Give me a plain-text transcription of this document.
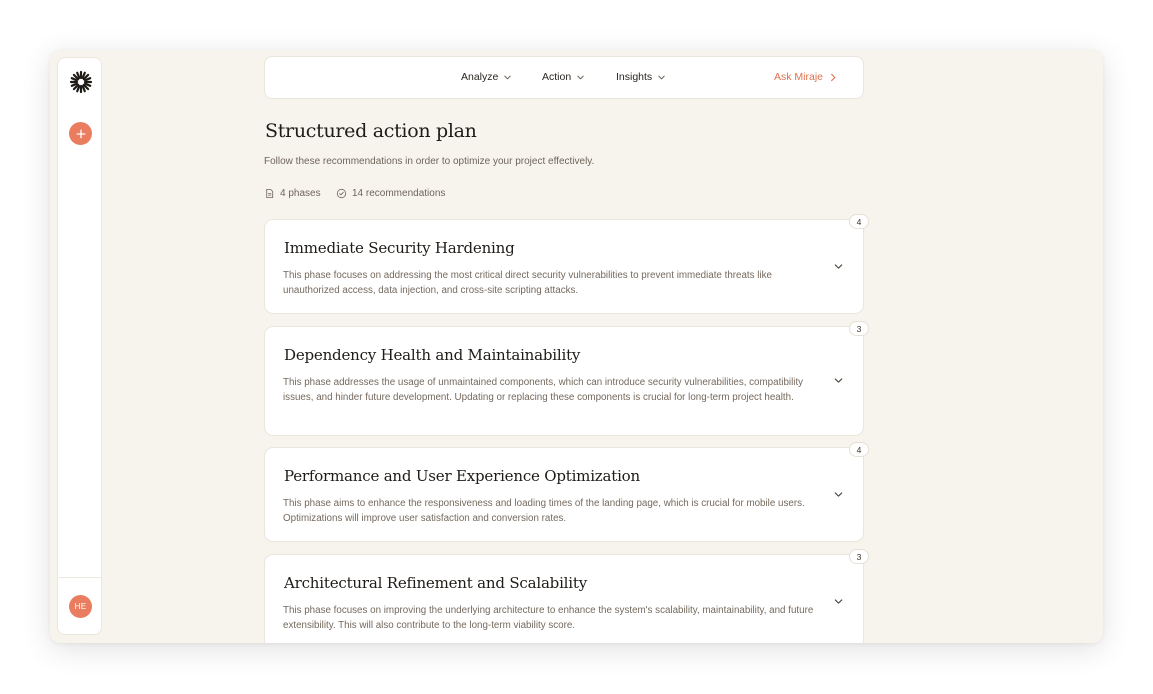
HE
Analyze	Action	Insights	Ask Miraje
Structured action plan
Follow these recommendations in order to optimize your project effectively.
4 phases	14 recommendations
Immediate Security Hardening
This phase focuses on addressing the most critical direct security vulnerabilities to prevent immediate threats like unauthorized access, data injection, and cross-site scripting attacks.
4
Dependency Health and Maintainability
This phase addresses the usage of unmaintained components, which can introduce security vulnerabilities, compatibility issues, and hinder future development. Updating or replacing these components is crucial for long-term project health.
3
Performance and User Experience Optimization
This phase aims to enhance the responsiveness and loading times of the landing page, which is crucial for mobile users. Optimizations will improve user satisfaction and conversion rates.
4
Architectural Refinement and Scalability
This phase focuses on improving the underlying architecture to enhance the system's scalability, maintainability, and future extensibility. This will also contribute to the long-term viability score.
3
